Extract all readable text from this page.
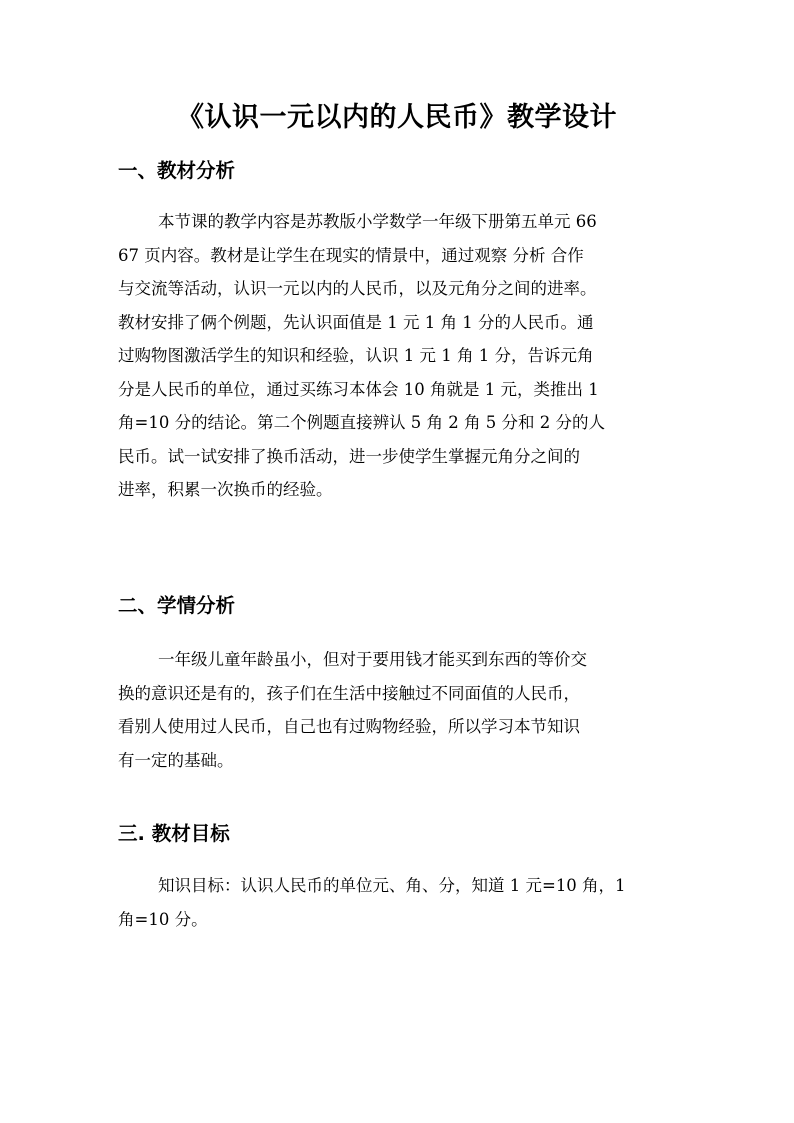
《认识一元以内的人民币》教学设计
一、教材分析
本节课的教学内容是苏教版小学数学一年级下册第五单元 66
67 页内容。教材是让学生在现实的情景中，通过观察 分析 合作
与交流等活动，认识一元以内的人民币，以及元角分之间的进率。
教材安排了俩个例题，先认识面值是 1 元 1 角 1 分的人民币。通
过购物图激活学生的知识和经验，认识 1 元 1 角 1 分，告诉元角
分是人民币的单位，通过买练习本体会 10 角就是 1 元，类推出 1
角=10 分的结论。第二个例题直接辨认 5 角 2 角 5 分和 2 分的人
民币。试一试安排了换币活动，进一步使学生掌握元角分之间的
进率，积累一次换币的经验。
二、学情分析
一年级儿童年龄虽小，但对于要用钱才能买到东西的等价交
换的意识还是有的，孩子们在生活中接触过不同面值的人民币，
看别人使用过人民币，自己也有过购物经验，所以学习本节知识
有一定的基础。
三. 教材目标
知识目标：认识人民币的单位元、角、分，知道 1 元=10 角，1
角=10 分。
